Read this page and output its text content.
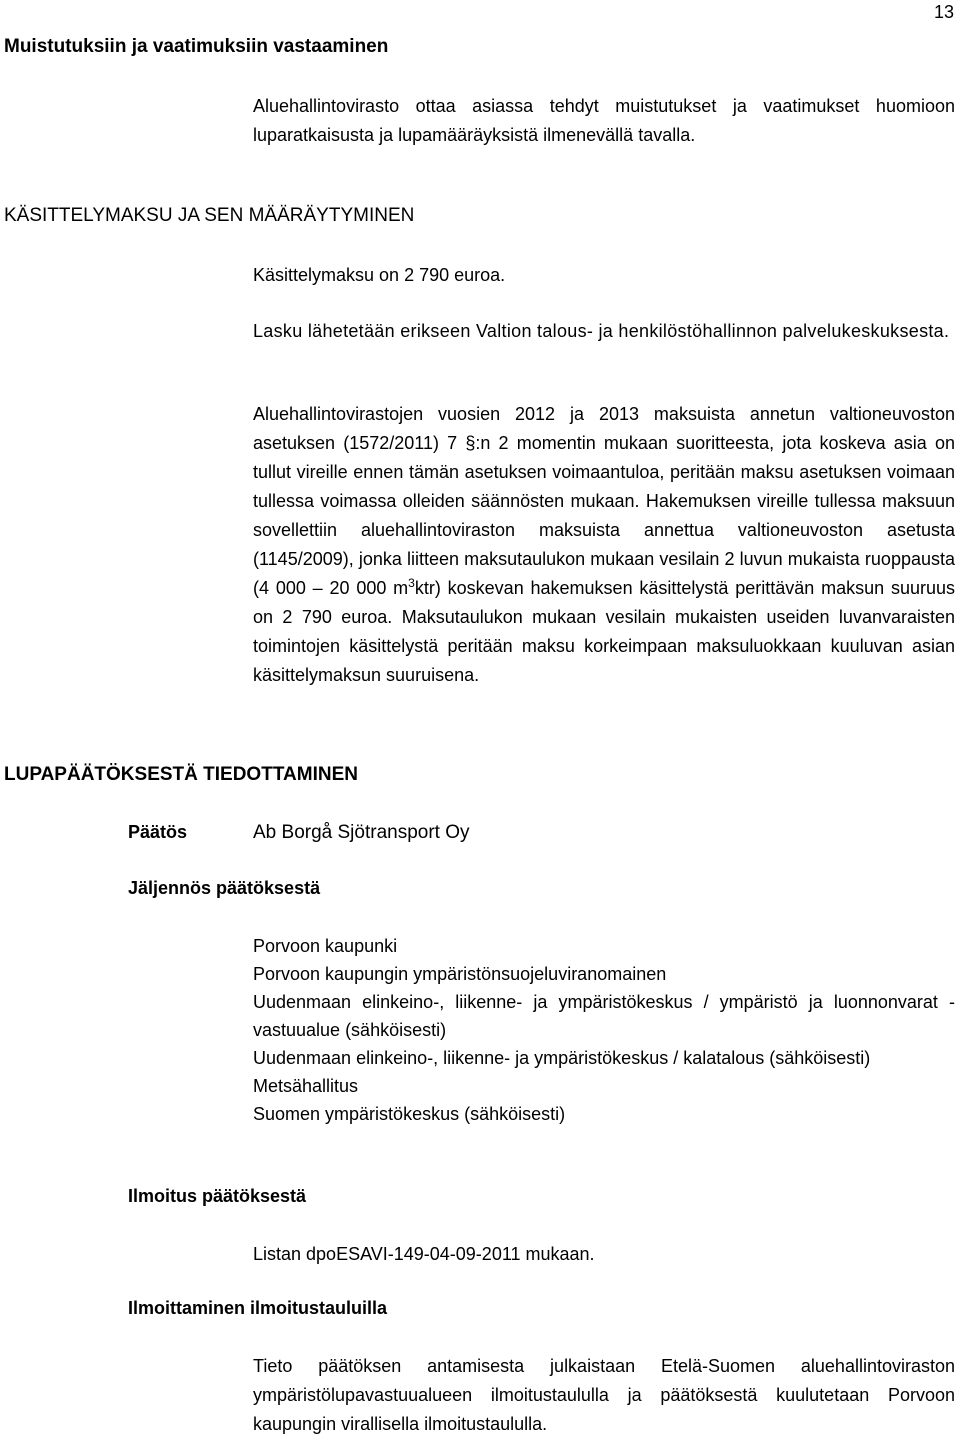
13
Muistutuksiin ja vaatimuksiin vastaaminen
Aluehallintovirasto ottaa asiassa tehdyt muistutukset ja vaatimukset huomioon luparatkaisusta ja lupamääräyksistä ilmenevällä tavalla.
KÄSITTELYMAKSU JA SEN MÄÄRÄYTYMINEN
Käsittelymaksu on 2 790 euroa.
Lasku lähetetään erikseen Valtion talous- ja henkilöstöhallinnon palvelukeskuksesta.
Aluehallintovirastojen vuosien 2012 ja 2013 maksuista annetun valtioneuvoston asetuksen (1572/2011) 7 §:n 2 momentin mukaan suoritteesta, jota koskeva asia on tullut vireille ennen tämän asetuksen voimaantuloa, peritään maksu asetuksen voimaan tullessa voimassa olleiden säännösten mukaan. Hakemuksen vireille tullessa maksuun sovellettiin aluehallintoviraston maksuista annettua valtioneuvoston asetusta (1145/2009), jonka liitteen maksutaulukon mukaan vesilain 2 luvun mukaista ruoppausta (4 000 – 20 000 $m^3ktr$) koskevan hakemuksen käsittelystä perittävän maksun suuruus on 2 790 euroa. Maksutaulukon mukaan vesilain mukaisten useiden luvanvaraisten toimintojen käsittelystä peritään maksu korkeimpaan maksuluokkaan kuuluvan asian käsittelymaksun suuruisena.
LUPAPÄÄTÖKSESTÄ TIEDOTTAMINEN
Päätös	Ab Borgå Sjötransport Oy
Jäljennös päätöksestä
Porvoon kaupunki
Porvoon kaupungin ympäristönsuojeluviranomainen
Uudenmaan elinkeino-, liikenne- ja ympäristökeskus / ympäristö ja luonnonvarat -vastuualue (sähköisesti)
Uudenmaan elinkeino-, liikenne- ja ympäristökeskus / kalatalous (sähköisesti)
Metsähallitus
Suomen ympäristökeskus (sähköisesti)
Ilmoitus päätöksestä
Listan dpoESAVI-149-04-09-2011 mukaan.
Ilmoittaminen ilmoitustauluilla
Tieto päätöksen antamisesta julkaistaan Etelä-Suomen aluehallintoviraston ympäristölupavastuualueen ilmoitustaululla ja päätöksestä kuulutetaan Porvoon kaupungin virallisella ilmoitustaululla.
